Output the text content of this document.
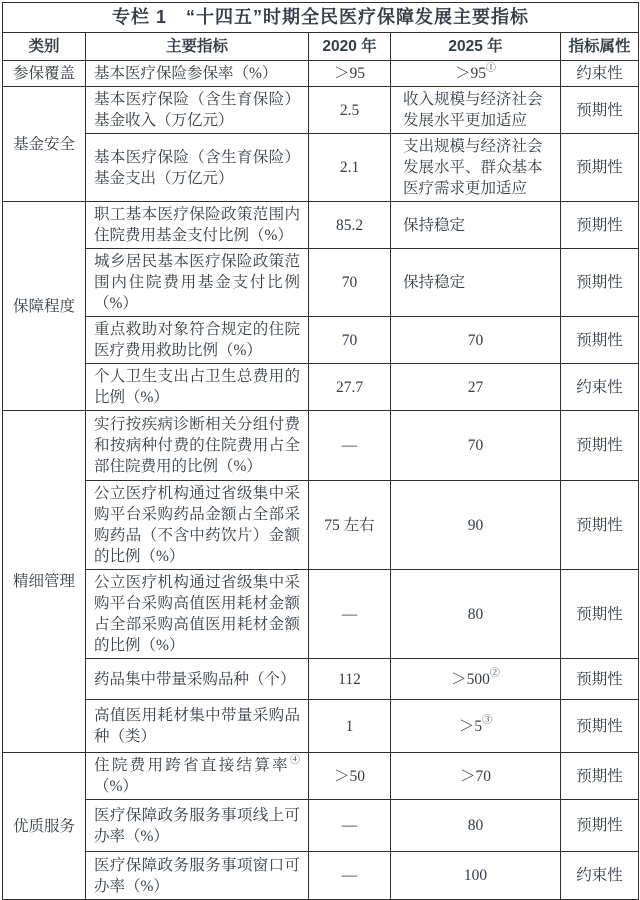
专栏 1　“十四五”时期全民医疗保障发展主要指标				
类别	主要指标	2020 年	2025 年	指标属性
参保覆盖	基本医疗保险参保率（%）	＞95	＞95①	约束性
基金安全	基本医疗保险（含生育保险）基金收入（万亿元）	2.5	收入规模与经济社会发展水平更加适应	预期性
	基本医疗保险（含生育保险）基金支出（万亿元）	2.1	支出规模与经济社会发展水平、群众基本医疗需求更加适应	预期性
保障程度	职工基本医疗保险政策范围内住院费用基金支付比例（%）	85.2	保持稳定	预期性
	城乡居民基本医疗保险政策范围内住院费用基金支付比例（%）	70	保持稳定	预期性
	重点救助对象符合规定的住院医疗费用救助比例（%）	70	70	预期性
	个人卫生支出占卫生总费用的比例（%）	27.7	27	约束性
精细管理	实行按疾病诊断相关分组付费和按病种付费的住院费用占全部住院费用的比例（%）	—	70	预期性
	公立医疗机构通过省级集中采购平台采购药品金额占全部采购药品（不含中药饮片）金额的比例（%）	75 左右	90	预期性
	公立医疗机构通过省级集中采购平台采购高值医用耗材金额占全部采购高值医用耗材金额的比例（%）	—	80	预期性
	药品集中带量采购品种（个）	112	＞500②	预期性
	高值医用耗材集中带量采购品种（类）	1	＞5③	预期性
优质服务	住院费用跨省直接结算率④（%）	＞50	＞70	预期性
	医疗保障政务服务事项线上可办率（%）	—	80	预期性
	医疗保障政务服务事项窗口可办率（%）	—	100	约束性
